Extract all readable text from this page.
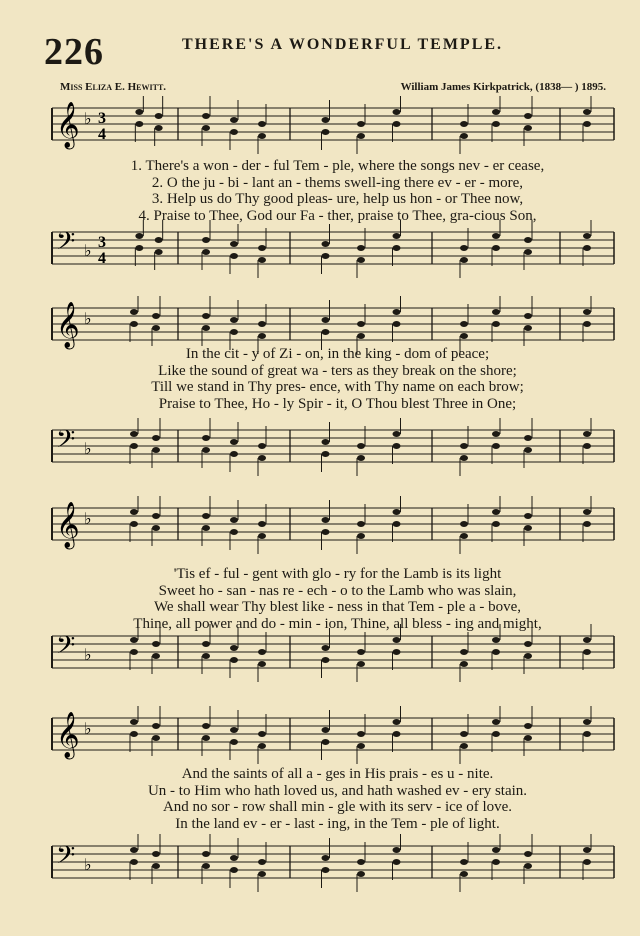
226	THERE'S A WONDERFUL TEMPLE.
Miss Eliza E. Hewitt.	William James Kirkpatrick, (1838— ) 1895.
𝄞 ♭ 3
4
1. There's a won - der - ful Tem - ple, where the songs nev - er cease,
2. O the ju - bi - lant an - thems swell-ing there ev - er - more,
3. Help us do Thy good pleas- ure, help us hon - or Thee now,
4. Praise to Thee, God our Fa - ther, praise to Thee, gra-cious Son,
𝄢 ♭ 3
4
𝄞 ♭
In the cit - y of Zi - on, in the king - dom of peace;
Like the sound of great wa - ters as they break on the shore;
Till we stand in Thy pres- ence, with Thy name on each brow;
Praise to Thee, Ho - ly Spir - it, O Thou blest Three in One;
𝄢 ♭
𝄞 ♭
'Tis ef - ful - gent with glo - ry for the Lamb is its light
Sweet ho - san - nas re - ech - o to the Lamb who was slain,
We shall wear Thy blest like - ness in that Tem - ple a - bove,
Thine, all power and do - min - ion, Thine, all bless - ing and might,
𝄢 ♭
𝄞 ♭
And the saints of all a - ges in His prais - es u - nite.
Un - to Him who hath loved us, and hath washed ev - ery stain.
And no sor - row shall min - gle with its serv - ice of love.
In the land ev - er - last - ing, in the Tem - ple of light.
𝄢 ♭
